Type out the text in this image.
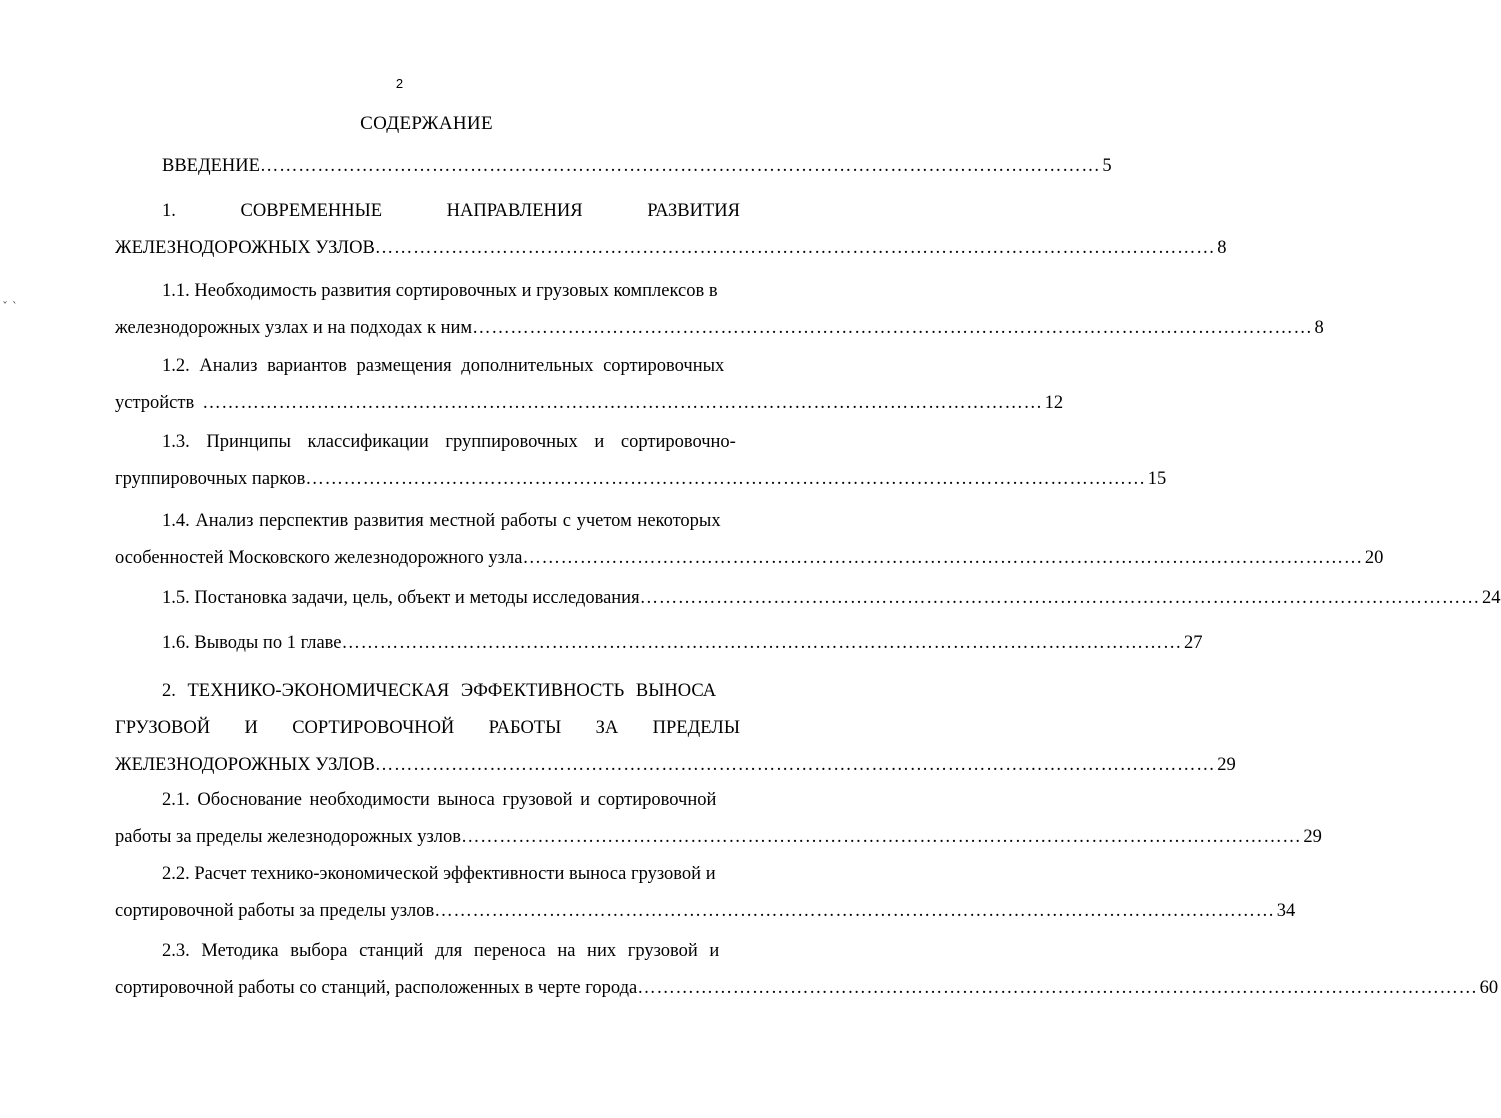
2
СОДЕРЖАНИЕ
ВВЕДЕНИЕ …………………………………………………………………………………………………………………… 5
1.	СОВРЕМЕННЫЕ	НАПРАВЛЕНИЯ	РАЗВИТИЯ
ЖЕЛЕЗНОДОРОЖНЫХ УЗЛОВ …………………………………………………………………………………………………………………… 8
1.1. Необходимость развития сортировочных и грузовых комплексов в
железнодорожных узлах и на подходах к ним …………………………………………………………………………………………………………………… 8
1.2. Анализ вариантов размещения дополнительных сортировочных
устройств …………………………………………………………………………………………………………………… 12
1.3. Принципы классификации группировочных и сортировочно-
группировочных парков …………………………………………………………………………………………………………………… 15
1.4. Анализ перспектив развития местной работы с учетом некоторых
особенностей Московского железнодорожного узла …………………………………………………………………………………………………………………… 20
1.5. Постановка задачи, цель, объект и методы исследования …………………………………………………………………………………………………………………… 24
1.6. Выводы по 1 главе …………………………………………………………………………………………………………………… 27
2. ТЕХНИКО-ЭКОНОМИЧЕСКАЯ ЭФФЕКТИВНОСТЬ ВЫНОСА
ГРУЗОВОЙ И СОРТИРОВОЧНОЙ РАБОТЫ ЗА ПРЕДЕЛЫ
ЖЕЛЕЗНОДОРОЖНЫХ УЗЛОВ …………………………………………………………………………………………………………………… 29
2.1. Обоснование необходимости выноса грузовой и сортировочной
работы за пределы железнодорожных узлов …………………………………………………………………………………………………………………… 29
2.2. Расчет технико-экономической эффективности выноса грузовой и
сортировочной работы за пределы узлов …………………………………………………………………………………………………………………… 34
2.3. Методика выбора станций для переноса на них грузовой и
сортировочной работы со станций, расположенных в черте города …………………………………………………………………………………………………………………… 60
ˇ ˋ
